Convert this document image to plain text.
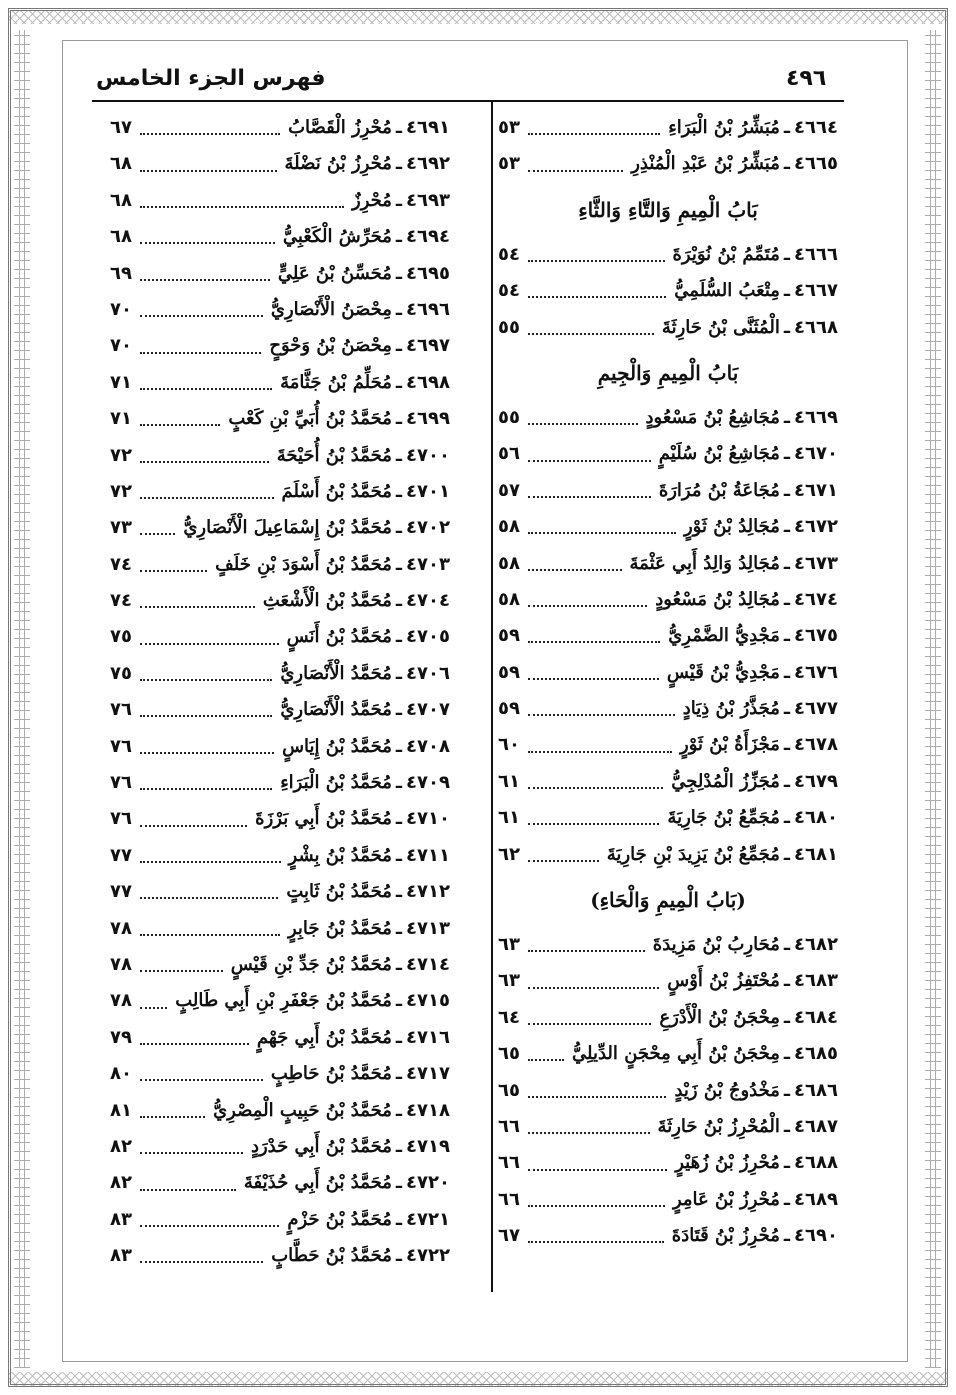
٤٩٦
فهرس الجزء الخامس
٤٦٦٤
ـ
مُبَشِّرُ بْنُ الْبَرَاءِ
٥٣
٤٦٦٥
ـ
مُبَشِّرُ بْنُ عَبْدِ الْمُنْذِرِ
٥٣
بَابُ الْمِيمِ وَالتَّاءِ وَالثَّاءِ
٤٦٦٦
ـ
مُتَمِّمُ بْنُ نُوَيْرَةَ
٥٤
٤٦٦٧
ـ
مِتْعَبُ السُّلَمِيُّ
٥٤
٤٦٦٨
ـ
الْمُثَنَّى بْنُ حَارِثَةَ
٥٥
بَابُ الْمِيمِ وَالْجِيمِ
٤٦٦٩
ـ
مُجَاشِعُ بْنُ مَسْعُودٍ
٥٥
٤٦٧٠
ـ
مُجَاشِعُ بْنُ سُلَيْمٍ
٥٦
٤٦٧١
ـ
مُجَاعَةُ بْنُ مُرَارَةَ
٥٧
٤٦٧٢
ـ
مُجَالِدُ بْنُ ثَوْرٍ
٥٨
٤٦٧٣
ـ
مُجَالِدُ وَالِدُ أَبِي عَثْمَةَ
٥٨
٤٦٧٤
ـ
مُجَالِدُ بْنُ مَسْعُودٍ
٥٨
٤٦٧٥
ـ
مَجْدِيُّ الضَّمْرِيُّ
٥٩
٤٦٧٦
ـ
مَجْدِيُّ بْنُ قَيْسٍ
٥٩
٤٦٧٧
ـ
مُجَذَّرُ بْنُ ذِيَادٍ
٥٩
٤٦٧٨
ـ
مَجْزَأَةُ بْنُ ثَوْرٍ
٦٠
٤٦٧٩
ـ
مُجَزِّزُ الْمُدْلِجِيُّ
٦١
٤٦٨٠
ـ
مُجَمِّعُ بْنُ جَارِيَةَ
٦١
٤٦٨١
ـ
مُجَمِّعُ بْنُ يَزِيدَ بْنِ جَارِيَةَ
٦٢
(بَابُ الْمِيمِ وَالْحَاءِ)
٤٦٨٢
ـ
مُحَارِبُ بْنُ مَزِيدَةَ
٦٣
٤٦٨٣
ـ
مُحْتَفِزُ بْنُ أَوْسٍ
٦٣
٤٦٨٤
ـ
مِحْجَنُ بْنُ الْأَدْرَعِ
٦٤
٤٦٨٥
ـ
مِحْجَنُ بْنُ أَبِي مِحْجَنٍ الدِّيلِيُّ
٦٥
٤٦٨٦
ـ
مَخْدُوجُ بْنُ زَيْدٍ
٦٥
٤٦٨٧
ـ
الْمُحْرِزُ بْنُ حَارِثَةَ
٦٦
٤٦٨٨
ـ
مُحْرِزُ بْنُ زُهَيْرٍ
٦٦
٤٦٨٩
ـ
مُحْرِزُ بْنُ عَامِرٍ
٦٦
٤٦٩٠
ـ
مُحْرِزُ بْنُ قَتَادَةَ
٦٧
٤٦٩١
ـ
مُحْرِزُ الْقَصَّابُ
٦٧
٤٦٩٢
ـ
مُحْرِزُ بْنُ نَضْلَةَ
٦٨
٤٦٩٣
ـ
مُحْرِزٌ
٦٨
٤٦٩٤
ـ
مُحَرِّشُ الْكَعْبِيُّ
٦٨
٤٦٩٥
ـ
مُحَسِّنُ بْنُ عَلِيٍّ
٦٩
٤٦٩٦
ـ
مِحْصَنُ الْأَنْصَارِيُّ
٧٠
٤٦٩٧
ـ
مِحْصَنُ بْنُ وَحْوَحٍ
٧٠
٤٦٩٨
ـ
مُحَلِّمُ بْنُ جَثَّامَةَ
٧١
٤٦٩٩
ـ
مُحَمَّدُ بْنُ أُبَيِّ بْنِ كَعْبٍ
٧١
٤٧٠٠
ـ
مُحَمَّدُ بْنُ أُحَيْحَةَ
٧٢
٤٧٠١
ـ
مُحَمَّدُ بْنُ أَسْلَمَ
٧٢
٤٧٠٢
ـ
مُحَمَّدُ بْنُ إِسْمَاعِيلَ الْأَنْصَارِيُّ
٧٣
٤٧٠٣
ـ
مُحَمَّدُ بْنُ أَسْوَدَ بْنِ خَلَفٍ
٧٤
٤٧٠٤
ـ
مُحَمَّدُ بْنُ الْأَشْعَثِ
٧٤
٤٧٠٥
ـ
مُحَمَّدُ بْنُ أَنَسٍ
٧٥
٤٧٠٦
ـ
مُحَمَّدُ الْأَنْصَارِيُّ
٧٥
٤٧٠٧
ـ
مُحَمَّدُ الْأَنْصَارِيُّ
٧٦
٤٧٠٨
ـ
مُحَمَّدُ بْنُ إِيَاسٍ
٧٦
٤٧٠٩
ـ
مُحَمَّدُ بْنُ الْبَرَاءِ
٧٦
٤٧١٠
ـ
مُحَمَّدُ بْنُ أَبِي بَرْزَةَ
٧٦
٤٧١١
ـ
مُحَمَّدُ بْنُ بِشْرٍ
٧٧
٤٧١٢
ـ
مُحَمَّدُ بْنُ ثَابِتٍ
٧٧
٤٧١٣
ـ
مُحَمَّدُ بْنُ جَابِرٍ
٧٨
٤٧١٤
ـ
مُحَمَّدُ بْنُ جَدِّ بْنِ قَيْسٍ
٧٨
٤٧١٥
ـ
مُحَمَّدُ بْنُ جَعْفَرِ بْنِ أَبِي طَالِبٍ
٧٨
٤٧١٦
ـ
مُحَمَّدُ بْنُ أَبِي جَهْمٍ
٧٩
٤٧١٧
ـ
مُحَمَّدُ بْنُ حَاطِبٍ
٨٠
٤٧١٨
ـ
مُحَمَّدُ بْنُ حَبِيبٍ الْمِصْرِيُّ
٨١
٤٧١٩
ـ
مُحَمَّدُ بْنُ أَبِي حَدْرَدٍ
٨٢
٤٧٢٠
ـ
مُحَمَّدُ بْنُ أَبِي حُذَيْفَةَ
٨٢
٤٧٢١
ـ
مُحَمَّدُ بْنُ حَزْمٍ
٨٣
٤٧٢٢
ـ
مُحَمَّدُ بْنُ حَطَّابٍ
٨٣
